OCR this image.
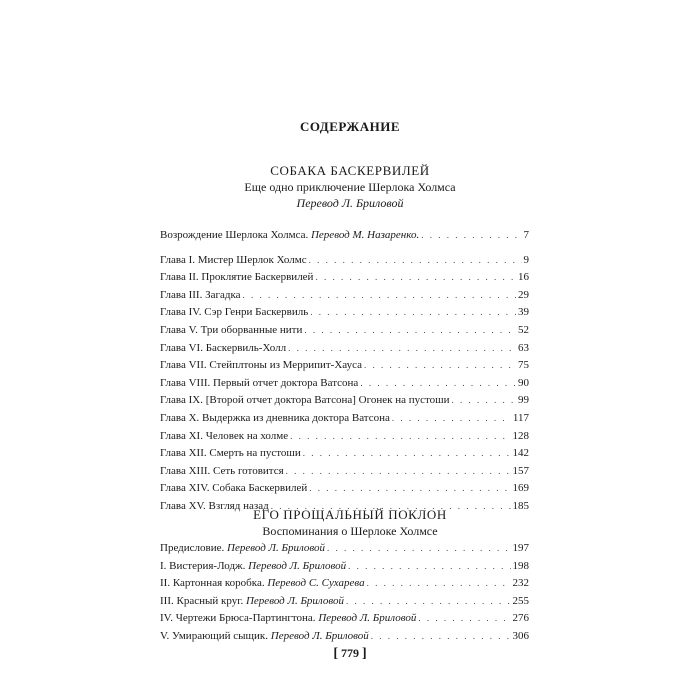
СОДЕРЖАНИЕ
СОБАКА БАСКЕРВИЛЕЙ
Еще одно приключение Шерлока Холмса
Перевод Л. Бриловой
Возрождение Шерлока Холмса. Перевод М. Назаренко. . . .	7
Глава I. Мистер Шерлок Холмс . . .	9
Глава II. Проклятие Баскервилей . . .	16
Глава III. Загадка . . .	29
Глава IV. Сэр Генри Баскервиль . . .	39
Глава V. Три оборванные нити . . .	52
Глава VI. Баскервиль-Холл . . .	63
Глава VII. Стейплтоны из Меррипит-Хауса . . .	75
Глава VIII. Первый отчет доктора Ватсона . . .	90
Глава IX. [Второй отчет доктора Ватсона] Огонек на пустоши . . .	99
Глава X. Выдержка из дневника доктора Ватсона . . .	117
Глава XI. Человек на холме . . .	128
Глава XII. Смерть на пустоши . . .	142
Глава XIII. Сеть готовится . . .	157
Глава XIV. Собака Баскервилей . . .	169
Глава XV. Взгляд назад . . .	185
ЕГО ПРОЩАЛЬНЫЙ ПОКЛОН
Воспоминания о Шерлоке Холмсе
Предисловие. Перевод Л. Бриловой . . .	197
I. Вистерия-Лодж. Перевод Л. Бриловой . . .	198
II. Картонная коробка. Перевод С. Сухарева . . .	232
III. Красный круг. Перевод Л. Бриловой . . .	255
IV. Чертежи Брюса-Партингтона. Перевод Л. Бриловой . . .	276
V. Умирающий сыщик. Перевод Л. Бриловой . . .	306
[ 779 ]
